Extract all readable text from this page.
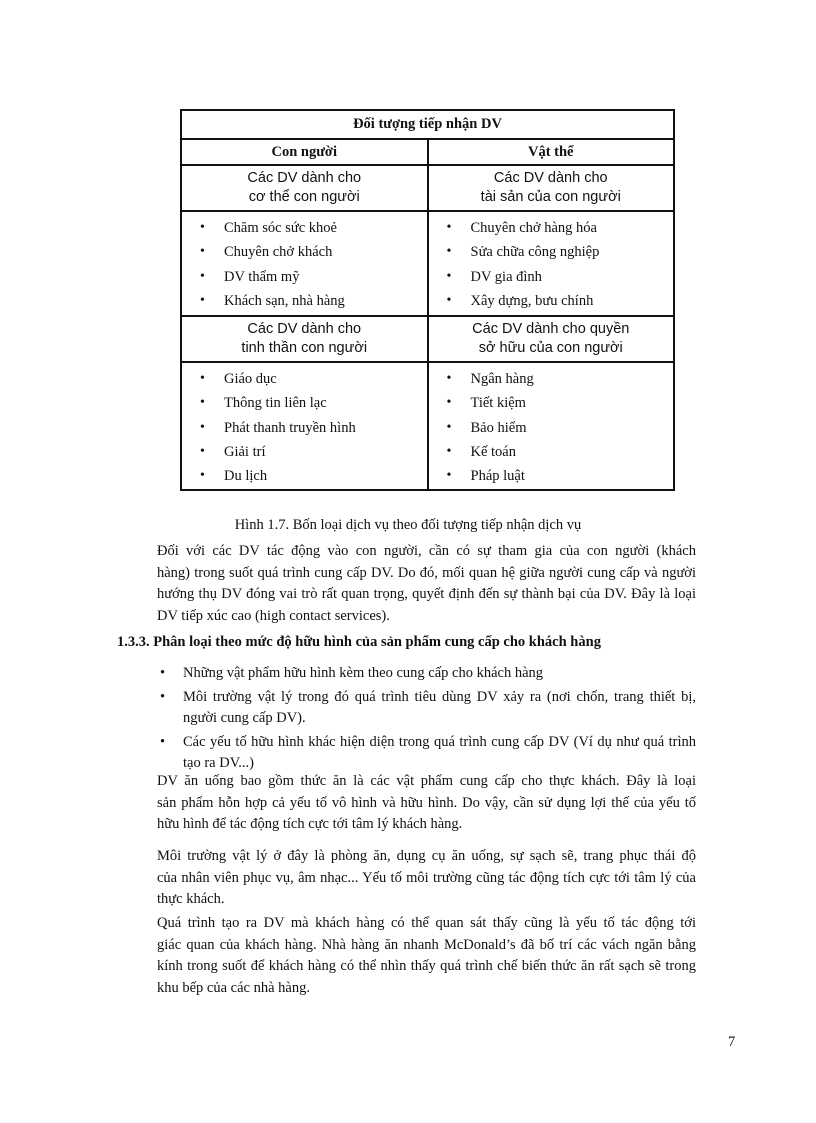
Đối tượng tiếp nhận DV
Con người	Vật thể
Các DV dành cho
cơ thể con người
Các DV dành cho
tài sản của con người
• Chăm sóc sức khoẻ
• Chuyên chở khách
• DV thẩm mỹ
• Khách sạn, nhà hàng
• Chuyên chở hàng hóa
• Sửa chữa công nghiệp
• DV gia đình
• Xây dựng, bưu chính
Các DV dành cho
tinh thần con người
Các DV dành cho quyền
sở hữu của con người
• Giáo dục
• Thông tin liên lạc
• Phát thanh truyền hình
• Giải trí
• Du lịch
• Ngân hàng
• Tiết kiệm
• Bảo hiểm
• Kế toán
• Pháp luật
Hình 1.7. Bốn loại dịch vụ theo đối tượng tiếp nhận dịch vụ

Đối với các DV tác động vào con người, cần có sự tham gia của con người (khách
hàng) trong suốt quá trình cung cấp DV. Do đó, mối quan hệ giữa người cung cấp và người
hướng thụ DV đóng vai trò rất quan trọng, quyết định đến sự thành bại của DV. Đây là loại
DV tiếp xúc cao (high contact services).

1.3.3. Phân loại theo mức độ hữu hình của sản phẩm cung cấp cho khách hàng
• Những vật phẩm hữu hình kèm theo cung cấp cho khách hàng
• Môi trường vật lý trong đó quá trình tiêu dùng DV xảy ra (nơi chốn, trang thiết bị, người cung cấp DV).
• Các yếu tố hữu hình khác hiện diện trong quá trình cung cấp DV (Ví dụ như quá trình tạo ra DV...)

DV ăn uống bao gồm thức ăn là các vật phẩm cung cấp cho thực khách. Đây là loại
sản phẩm hỗn hợp cả yếu tố vô hình và hữu hình. Do vậy, cần sử dụng lợi thế của yếu tố
hữu hình để tác động tích cực tới tâm lý khách hàng.

Môi trường vật lý ở đây là phòng ăn, dụng cụ ăn uống, sự sạch sẽ, trang phục thái độ
của nhân viên phục vụ, âm nhạc... Yếu tố môi trường cũng tác động tích cực tới tâm lý của
thực khách.

Quá trình tạo ra DV mà khách hàng có thể quan sát thấy cũng là yếu tố tác động tới
giác quan của khách hàng. Nhà hàng ăn nhanh McDonald’s đã bố trí các vách ngăn bằng
kính trong suốt để khách hàng có thể nhìn thấy quá trình chế biến thức ăn rất sạch sẽ trong
khu bếp của các nhà hàng.

7
